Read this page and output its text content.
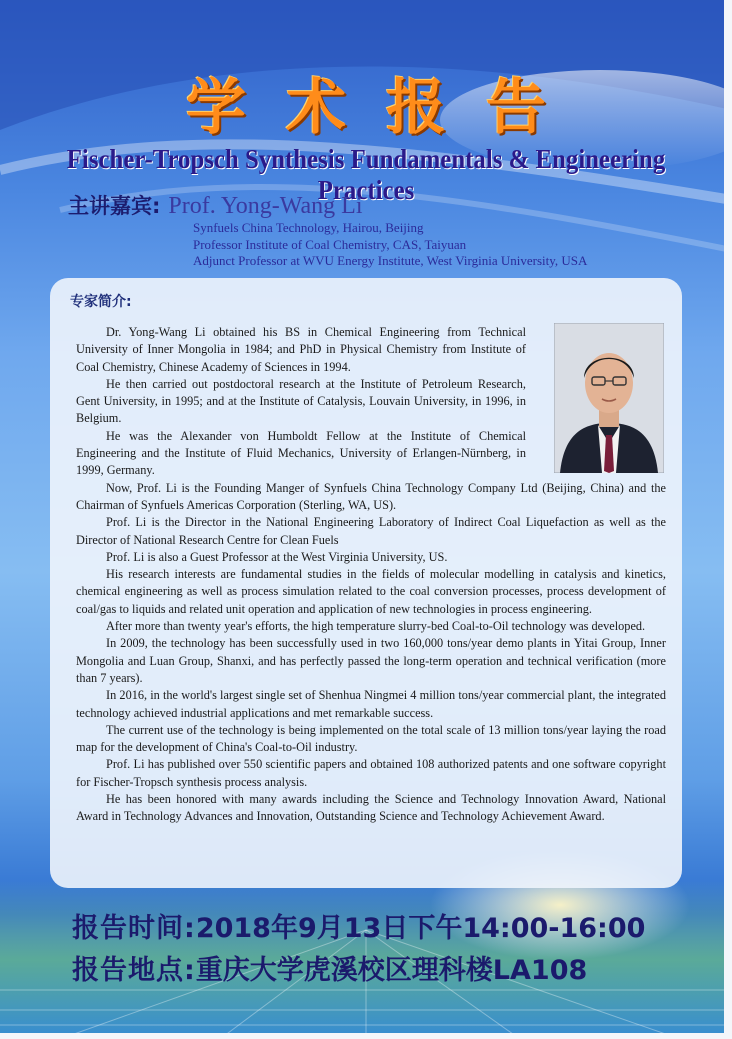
学术报告
Fischer-Tropsch Synthesis Fundamentals & Engineering Practices
主讲嘉宾: Prof. Yong-Wang Li
Synfuels China Technology, Hairou, Beijing
Professor Institute of Coal Chemistry, CAS, Taiyuan
Adjunct Professor at WVU Energy Institute, West Virginia University, USA
专家简介:

Dr. Yong-Wang Li obtained his BS in Chemical Engineering from Technical University of Inner Mongolia in 1984; and PhD in Physical Chemistry from Institute of Coal Chemistry, Chinese Academy of Sciences in 1994.

He then carried out postdoctoral research at the Institute of Petroleum Research, Gent University, in 1995; and at the Institute of Catalysis, Louvain University, in 1996, in Belgium.

He was the Alexander von Humboldt Fellow at the Institute of Chemical Engineering and the Institute of Fluid Mechanics, University of Erlangen-Nürnberg, in 1999, Germany.

Now, Prof. Li is the Founding Manger of Synfuels China Technology Company Ltd (Beijing, China) and the Chairman of Synfuels Americas Corporation (Sterling, WA, US).

Prof. Li is the Director in the National Engineering Laboratory of Indirect Coal Liquefaction as well as the Director of National Research Centre for Clean Fuels

Prof. Li is also a Guest Professor at the West Virginia University, US.

His research interests are fundamental studies in the fields of molecular modelling in catalysis and kinetics, chemical engineering as well as process simulation related to the coal conversion processes, process development of coal/gas to liquids and related unit operation and application of new technologies in process engineering.

After more than twenty year's efforts, the high temperature slurry-bed Coal-to-Oil technology was developed.

In 2009, the technology has been successfully used in two 160,000 tons/year demo plants in Yitai Group, Inner Mongolia and Luan Group, Shanxi, and has perfectly passed the long-term operation and technical verification (more than 7 years).

In 2016, in the world's largest single set of Shenhua Ningmei 4 million tons/year commercial plant, the integrated technology achieved industrial applications and met remarkable success.

The current use of the technology is being implemented on the total scale of 13 million tons/year laying the road map for the development of China's Coal-to-Oil industry.

Prof. Li has published over 550 scientific papers and obtained 108 authorized patents and one software copyright for Fischer-Tropsch synthesis process analysis.

He has been honored with many awards including the Science and Technology Innovation Award, National Award in Technology Advances and Innovation, Outstanding Science and Technology Achievement Award.

报告时间:2018年9月13日下午14:00-16:00
报告地点:重庆大学虎溪校区理科楼LA108
